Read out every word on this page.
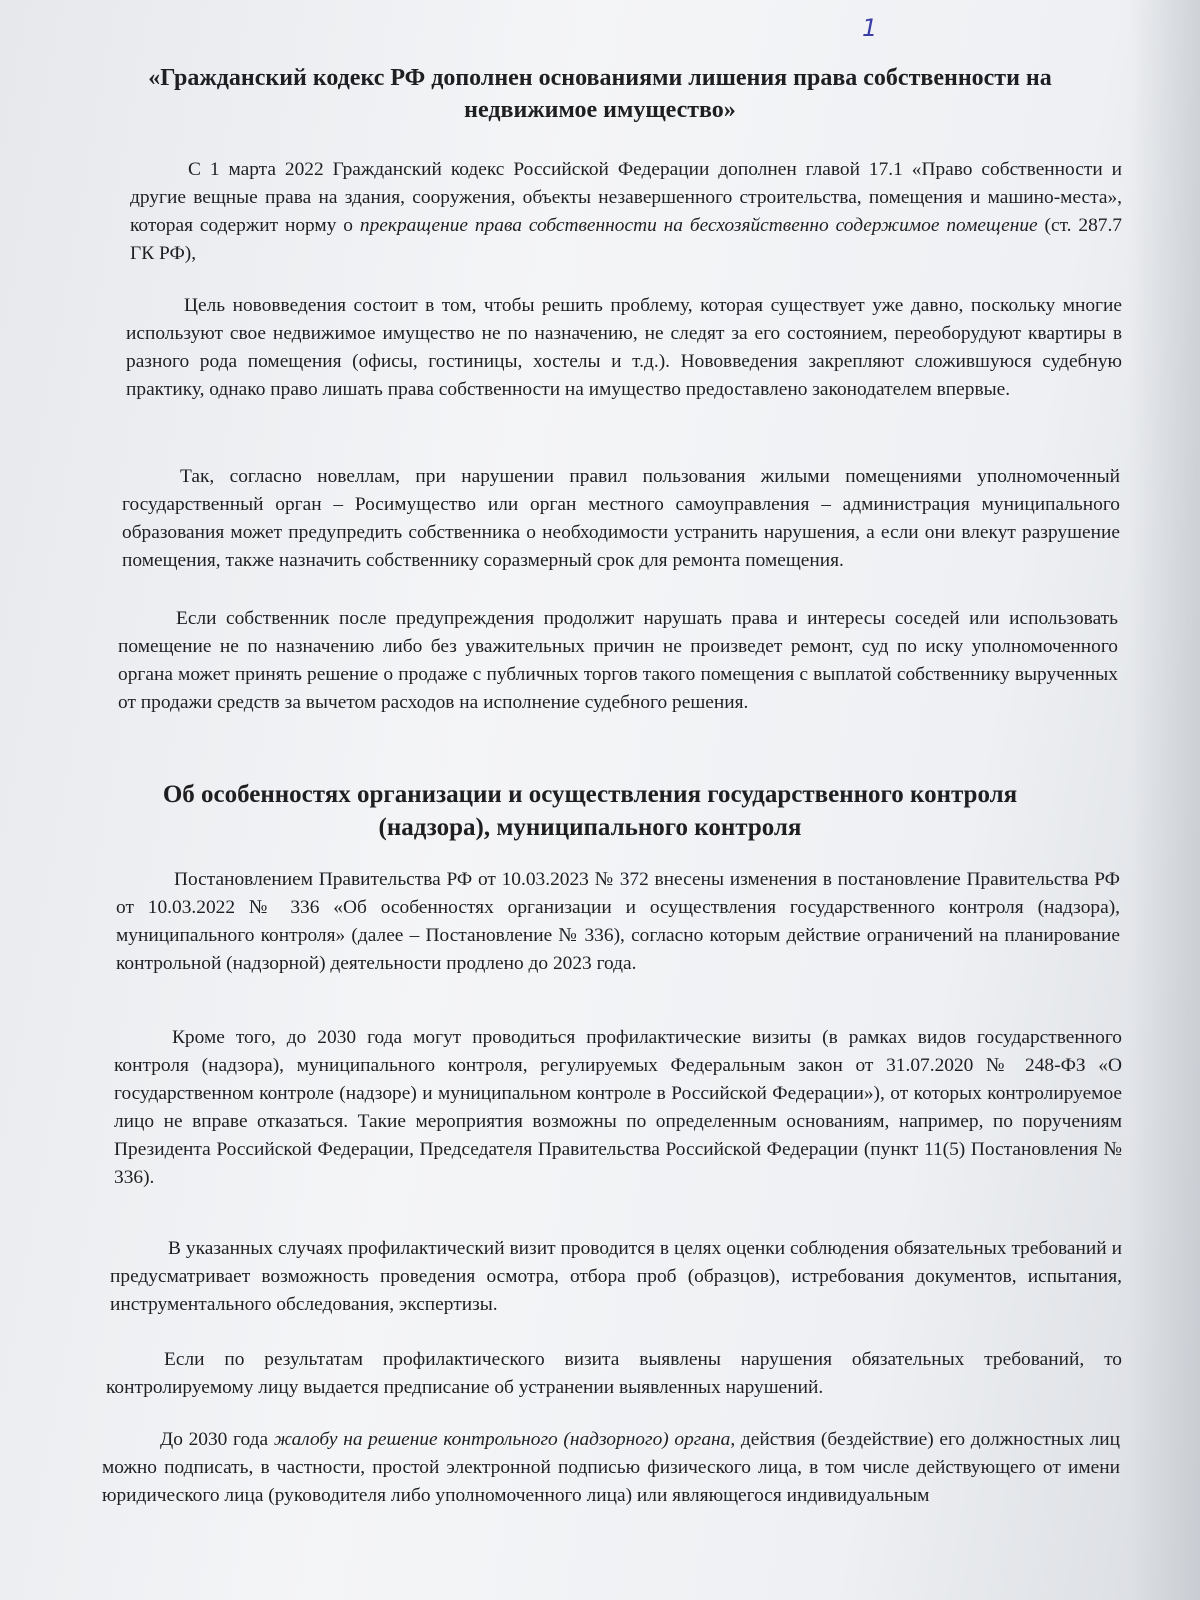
1
«Гражданский кодекс РФ дополнен основаниями лишения права собственности на недвижимое имущество»

С 1 марта 2022 Гражданский кодекс Российской Федерации дополнен главой 17.1 «Право собственности и другие вещные права на здания, сооружения, объекты незавершенного строительства, помещения и машино-места», которая содержит норму о прекращение права собственности на бесхозяйственно содержимое помещение (ст. 287.7 ГК РФ),

Цель нововведения состоит в том, чтобы решить проблему, которая существует уже давно, поскольку многие используют свое недвижимое имущество не по назначению, не следят за его состоянием, переоборудуют квартиры в разного рода помещения (офисы, гостиницы, хостелы и т.д.). Нововведения закрепляют сложившуюся судебную практику, однако право лишать права собственности на имущество предоставлено законодателем впервые.

Так, согласно новеллам, при нарушении правил пользования жилыми помещениями уполномоченный государственный орган – Росимущество или орган местного самоуправления – администрация муниципального образования может предупредить собственника о необходимости устранить нарушения, а если они влекут разрушение помещения, также назначить собственнику соразмерный срок для ремонта помещения.

Если собственник после предупреждения продолжит нарушать права и интересы соседей или использовать помещение не по назначению либо без уважительных причин не произведет ремонт, суд по иску уполномоченного органа может принять решение о продаже с публичных торгов такого помещения с выплатой собственнику вырученных от продажи средств за вычетом расходов на исполнение судебного решения.

Об особенностях организации и осуществления государственного контроля (надзора), муниципального контроля

Постановлением Правительства РФ от 10.03.2023 № 372 внесены изменения в постановление Правительства РФ от 10.03.2022 № 336 «Об особенностях организации и осуществления государственного контроля (надзора), муниципального контроля» (далее – Постановление № 336), согласно которым действие ограничений на планирование контрольной (надзорной) деятельности продлено до 2023 года.

Кроме того, до 2030 года могут проводиться профилактические визиты (в рамках видов государственного контроля (надзора), муниципального контроля, регулируемых Федеральным закон от 31.07.2020 № 248-ФЗ «О государственном контроле (надзоре) и муниципальном контроле в Российской Федерации»), от которых контролируемое лицо не вправе отказаться. Такие мероприятия возможны по определенным основаниям, например, по поручениям Президента Российской Федерации, Председателя Правительства Российской Федерации (пункт 11(5) Постановления № 336).

В указанных случаях профилактический визит проводится в целях оценки соблюдения обязательных требований и предусматривает возможность проведения осмотра, отбора проб (образцов), истребования документов, испытания, инструментального обследования, экспертизы.

Если по результатам профилактического визита выявлены нарушения обязательных требований, то контролируемому лицу выдается предписание об устранении выявленных нарушений.

До 2030 года жалобу на решение контрольного (надзорного) органа, действия (бездействие) его должностных лиц можно подписать, в частности, простой электронной подписью физического лица, в том числе действующего от имени юридического лица (руководителя либо уполномоченного лица) или являющегося индивидуальным
